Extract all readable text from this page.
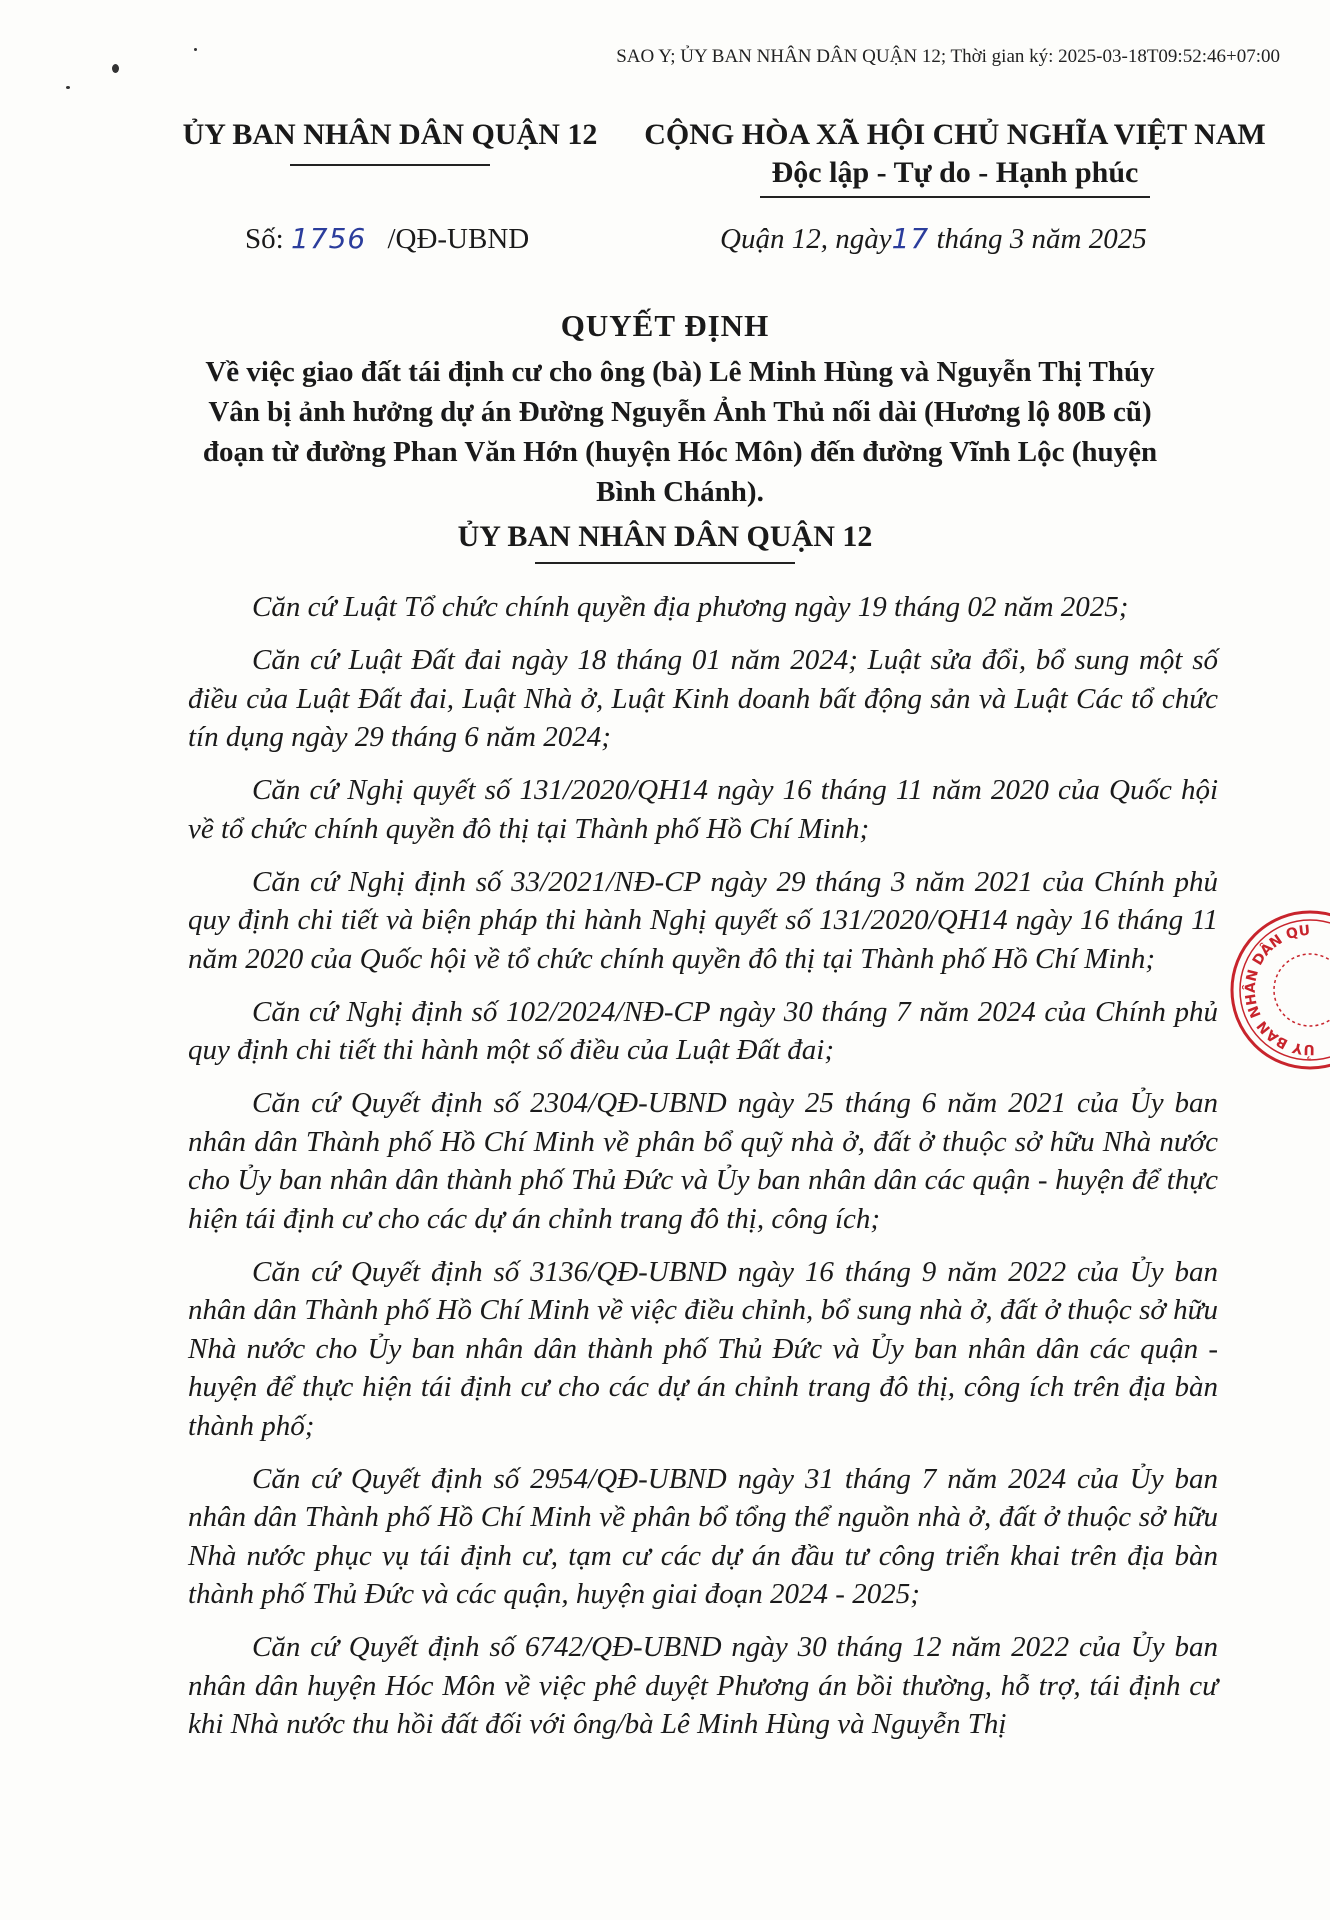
SAO Y; ỦY BAN NHÂN DÂN QUẬN 12; Thời gian ký: 2025-03-18T09:52:46+07:00
ỦY BAN NHÂN DÂN QUẬN 12	CỘNG HÒA XÃ HỘI CHỦ NGHĨA VIỆT NAM
Độc lập - Tự do - Hạnh phúc
Số: 1756 /QĐ-UBND	Quận 12, ngày17 tháng 3 năm 2025
QUYẾT ĐỊNH
Về việc giao đất tái định cư cho ông (bà) Lê Minh Hùng và Nguyễn Thị Thúy Vân bị ảnh hưởng dự án Đường Nguyễn Ảnh Thủ nối dài (Hương lộ 80B cũ) đoạn từ đường Phan Văn Hớn (huyện Hóc Môn) đến đường Vĩnh Lộc (huyện Bình Chánh).
ỦY BAN NHÂN DÂN QUẬN 12

Căn cứ Luật Tổ chức chính quyền địa phương ngày 19 tháng 02 năm 2025;

Căn cứ Luật Đất đai ngày 18 tháng 01 năm 2024; Luật sửa đổi, bổ sung một số điều của Luật Đất đai, Luật Nhà ở, Luật Kinh doanh bất động sản và Luật Các tổ chức tín dụng ngày 29 tháng 6 năm 2024;

Căn cứ Nghị quyết số 131/2020/QH14 ngày 16 tháng 11 năm 2020 của Quốc hội về tổ chức chính quyền đô thị tại Thành phố Hồ Chí Minh;

Căn cứ Nghị định số 33/2021/NĐ-CP ngày 29 tháng 3 năm 2021 của Chính phủ quy định chi tiết và biện pháp thi hành Nghị quyết số 131/2020/QH14 ngày 16 tháng 11 năm 2020 của Quốc hội về tổ chức chính quyền đô thị tại Thành phố Hồ Chí Minh;

Căn cứ Nghị định số 102/2024/NĐ-CP ngày 30 tháng 7 năm 2024 của Chính phủ quy định chi tiết thi hành một số điều của Luật Đất đai;

Căn cứ Quyết định số 2304/QĐ-UBND ngày 25 tháng 6 năm 2021 của Ủy ban nhân dân Thành phố Hồ Chí Minh về phân bổ quỹ nhà ở, đất ở thuộc sở hữu Nhà nước cho Ủy ban nhân dân thành phố Thủ Đức và Ủy ban nhân dân các quận - huyện để thực hiện tái định cư cho các dự án chỉnh trang đô thị, công ích;

Căn cứ Quyết định số 3136/QĐ-UBND ngày 16 tháng 9 năm 2022 của Ủy ban nhân dân Thành phố Hồ Chí Minh về việc điều chỉnh, bổ sung nhà ở, đất ở thuộc sở hữu Nhà nước cho Ủy ban nhân dân thành phố Thủ Đức và Ủy ban nhân dân các quận - huyện để thực hiện tái định cư cho các dự án chỉnh trang đô thị, công ích trên địa bàn thành phố;

Căn cứ Quyết định số 2954/QĐ-UBND ngày 31 tháng 7 năm 2024 của Ủy ban nhân dân Thành phố Hồ Chí Minh về phân bổ tổng thể nguồn nhà ở, đất ở thuộc sở hữu Nhà nước phục vụ tái định cư, tạm cư các dự án đầu tư công triển khai trên địa bàn thành phố Thủ Đức và các quận, huyện giai đoạn 2024 - 2025;

Căn cứ Quyết định số 6742/QĐ-UBND ngày 30 tháng 12 năm 2022 của Ủy ban nhân dân huyện Hóc Môn về việc phê duyệt Phương án bồi thường, hỗ trợ, tái định cư khi Nhà nước thu hồi đất đối với ông/bà Lê Minh Hùng và Nguyễn Thị

ỦY BAN NHÂN DÂN QUẬN
